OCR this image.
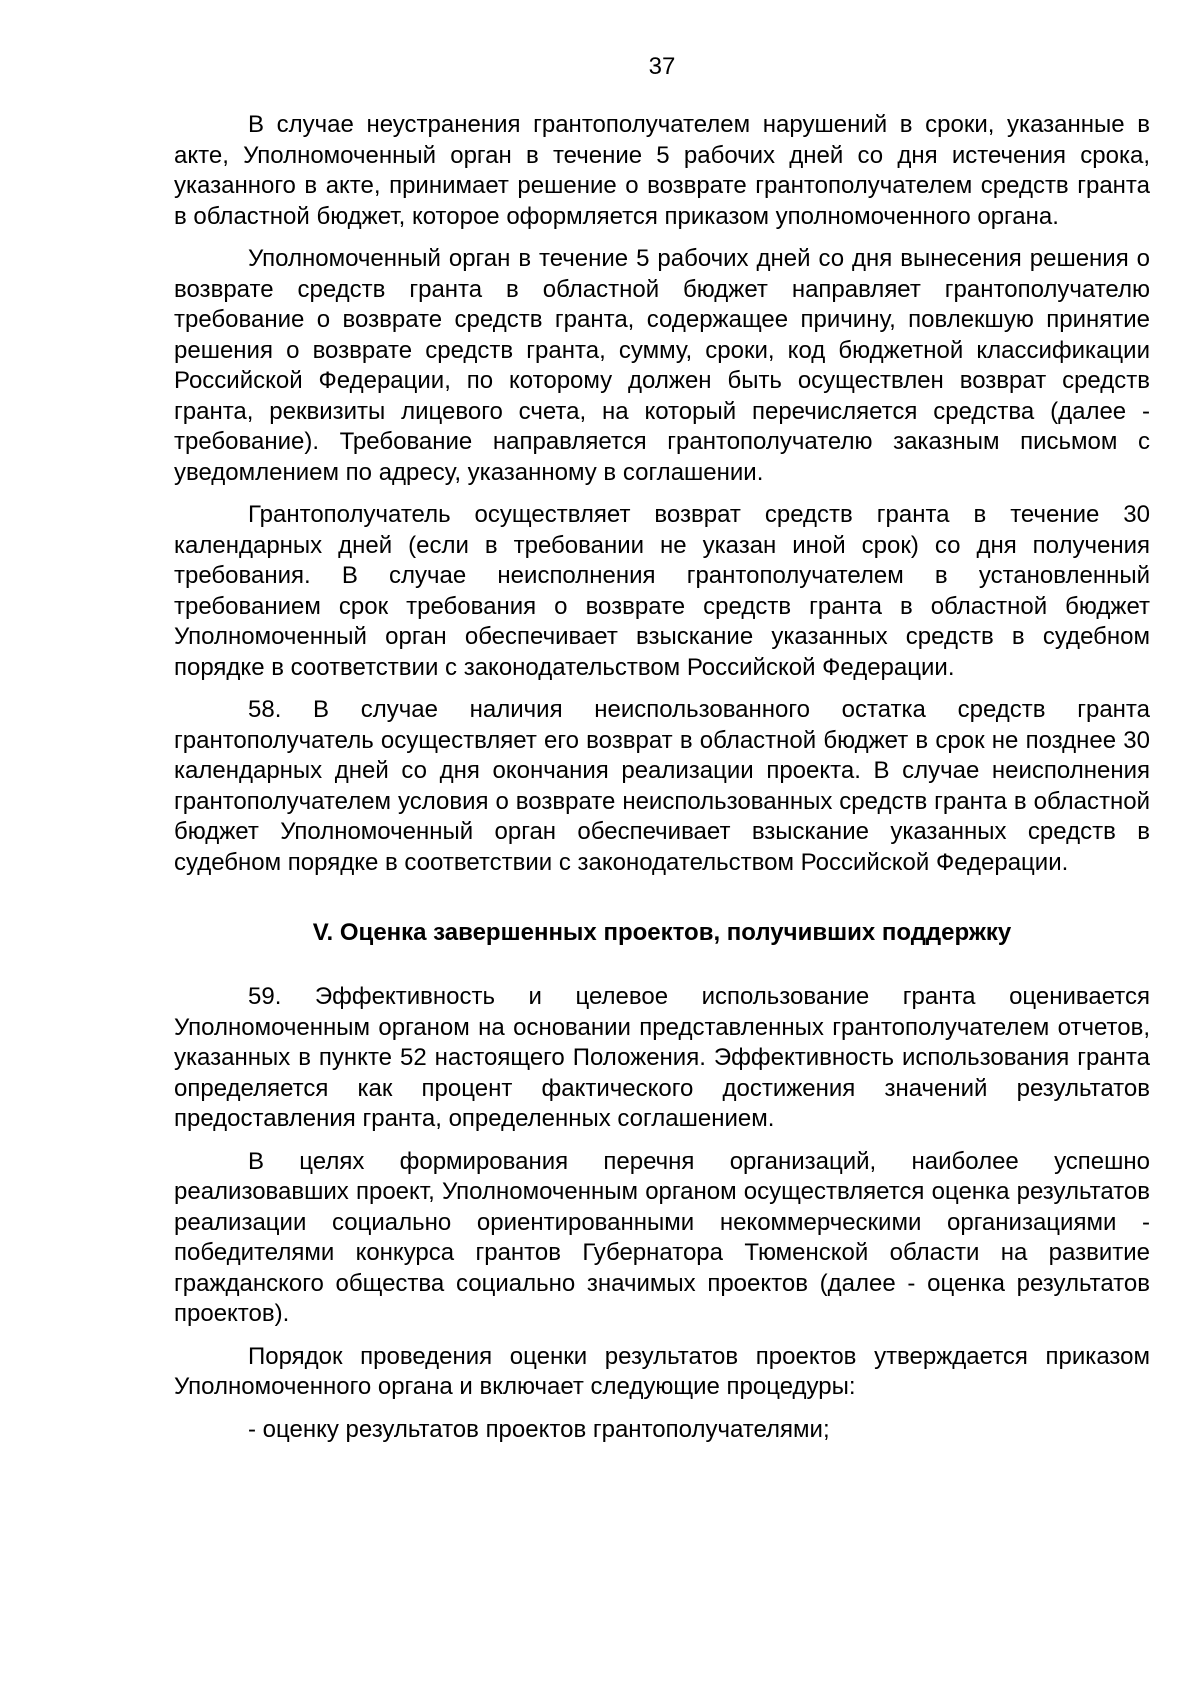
37

В случае неустранения грантополучателем нарушений в сроки, указанные в акте, Уполномоченный орган в течение 5 рабочих дней со дня истечения срока, указанного в акте, принимает решение о возврате грантополучателем средств гранта в областной бюджет, которое оформляется приказом уполномоченного органа.

Уполномоченный орган в течение 5 рабочих дней со дня вынесения решения о возврате средств гранта в областной бюджет направляет грантополучателю требование о возврате средств гранта, содержащее причину, повлекшую принятие решения о возврате средств гранта, сумму, сроки, код бюджетной классификации Российской Федерации, по которому должен быть осуществлен возврат средств гранта, реквизиты лицевого счета, на который перечисляется средства (далее - требование). Требование направляется грантополучателю заказным письмом с уведомлением по адресу, указанному в соглашении.

Грантополучатель осуществляет возврат средств гранта в течение 30 календарных дней (если в требовании не указан иной срок) со дня получения требования. В случае неисполнения грантополучателем в установленный требованием срок требования о возврате средств гранта в областной бюджет Уполномоченный орган обеспечивает взыскание указанных средств в судебном порядке в соответствии с законодательством Российской Федерации.

58. В случае наличия неиспользованного остатка средств гранта грантополучатель осуществляет его возврат в областной бюджет в срок не позднее 30 календарных дней со дня окончания реализации проекта. В случае неисполнения грантополучателем условия о возврате неиспользованных средств гранта в областной бюджет Уполномоченный орган обеспечивает взыскание указанных средств в судебном порядке в соответствии с законодательством Российской Федерации.

V. Оценка завершенных проектов, получивших поддержку

59. Эффективность и целевое использование гранта оценивается Уполномоченным органом на основании представленных грантополучателем отчетов, указанных в пункте 52 настоящего Положения. Эффективность использования гранта определяется как процент фактического достижения значений результатов предоставления гранта, определенных соглашением.

В целях формирования перечня организаций, наиболее успешно реализовавших проект, Уполномоченным органом осуществляется оценка результатов реализации социально ориентированными некоммерческими организациями - победителями конкурса грантов Губернатора Тюменской области на развитие гражданского общества социально значимых проектов (далее - оценка результатов проектов).

Порядок проведения оценки результатов проектов утверждается приказом Уполномоченного органа и включает следующие процедуры:

- оценку результатов проектов грантополучателями;
